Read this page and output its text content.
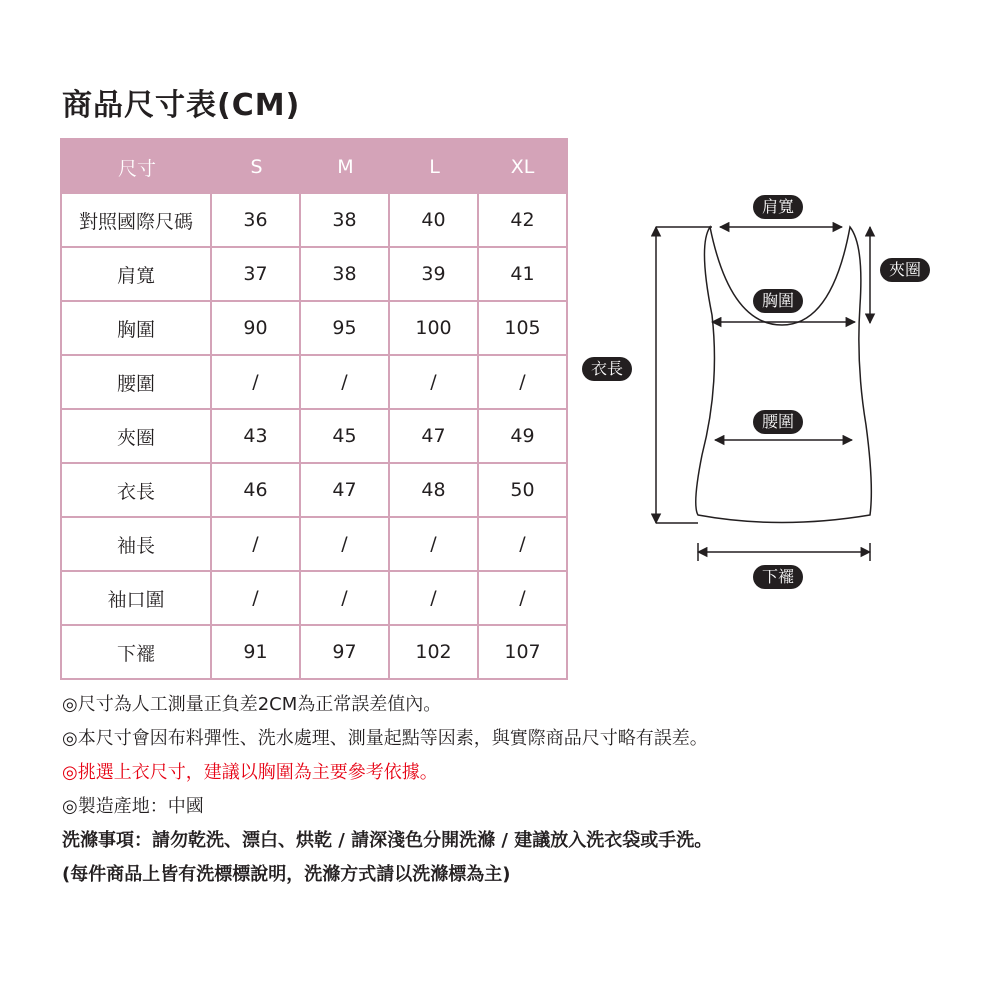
商品尺寸表(CM)
尺寸	S	M	L	XL
對照國際尺碼	36	38	40	42
肩寬	37	38	39	41
胸圍	90	95	100	105
腰圍	/	/	/	/
夾圈	43	45	47	49
衣長	46	47	48	50
袖長	/	/	/	/
袖口圍	/	/	/	/
下襬	91	97	102	107
肩寬
夾圈
胸圍
衣長
腰圍
下襬

◎尺寸為人工測量正負差2CM為正常誤差值內。

◎本尺寸會因布料彈性、洗水處理、測量起點等因素，與實際商品尺寸略有誤差。

◎挑選上衣尺寸，建議以胸圍為主要參考依據。

◎製造產地：中國

洗滌事項：請勿乾洗、漂白、烘乾 / 請深淺色分開洗滌 / 建議放入洗衣袋或手洗。

(每件商品上皆有洗標標說明，洗滌方式請以洗滌標為主)
